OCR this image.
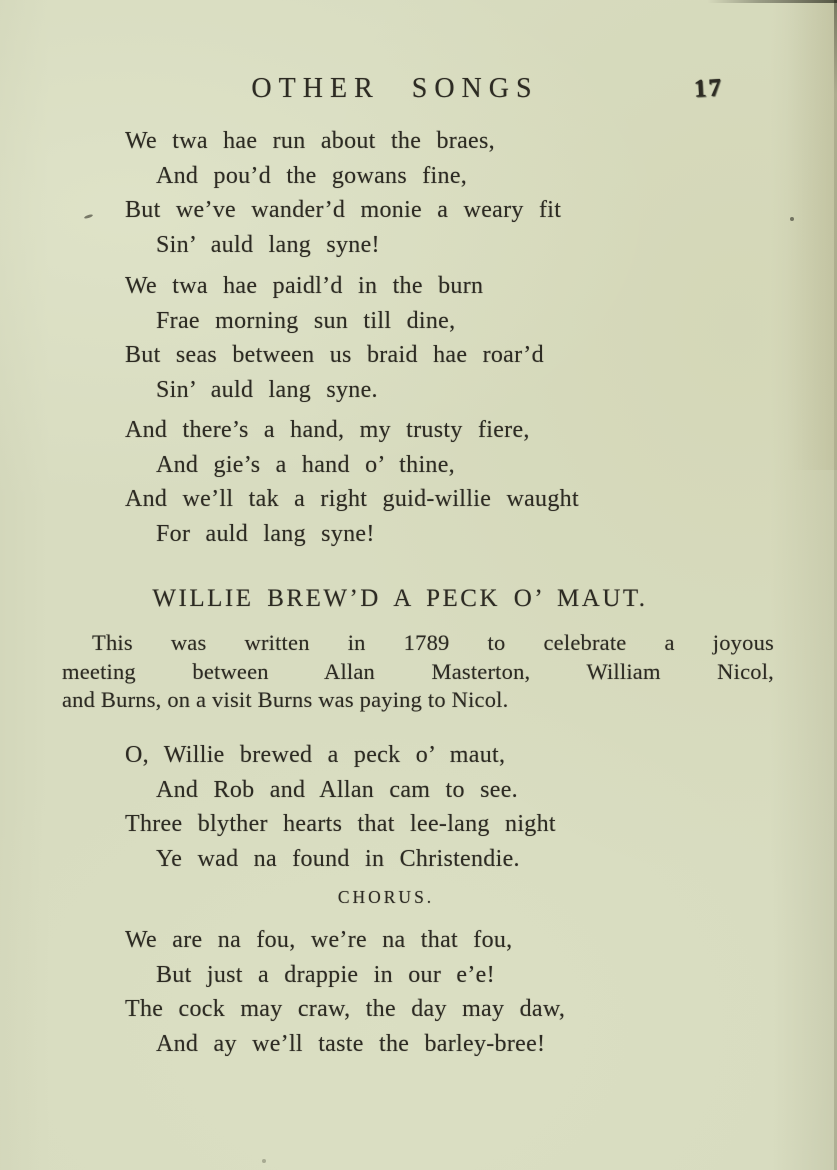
OTHER SONGS	17
We twa hae run about the braes,
And pou’d the gowans fine,
But we’ve wander’d monie a weary fit
Sin’ auld lang syne!
We twa hae paidl’d in the burn
Frae morning sun till dine,
But seas between us braid hae roar’d
Sin’ auld lang syne.
And there’s a hand, my trusty fiere,
And gie’s a hand o’ thine,
And we’ll tak a right guid-willie waught
For auld lang syne!
WILLIE BREW’D A PECK O’ MAUT.
This was written in 1789 to celebrate a joyous
meeting between Allan Masterton, William Nicol,
and Burns, on a visit Burns was paying to Nicol.
O, Willie brewed a peck o’ maut,
And Rob and Allan cam to see.
Three blyther hearts that lee-lang night
Ye wad na found in Christendie.
CHORUS.
We are na fou, we’re na that fou,
But just a drappie in our e’e!
The cock may craw, the day may daw,
And ay we’ll taste the barley-bree!
